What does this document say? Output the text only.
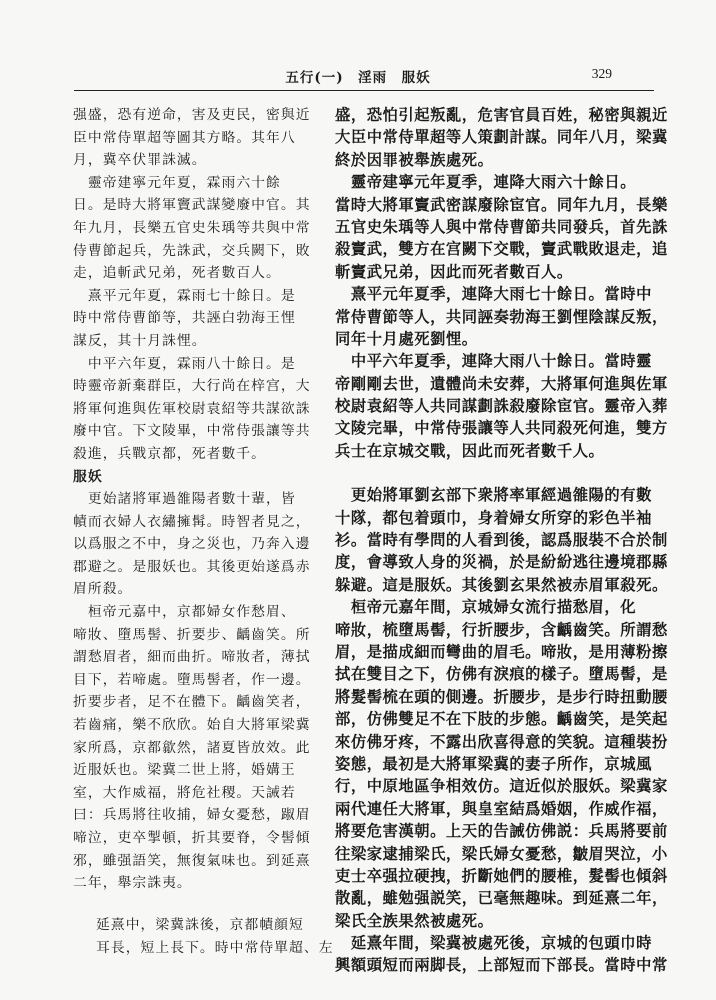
五行(一)　淫雨　服妖	329
强盛，恐有逆命，害及吏民，密與近
臣中常侍單超等圖其方略。其年八
月，冀卒伏罪誅滅。
　靈帝建寧元年夏，霖雨六十餘
日。是時大將軍竇武謀變廢中官。其
年九月，長樂五官史朱瑀等共與中常
侍曹節起兵，先誅武，交兵闕下，敗
走，追斬武兄弟，死者數百人。
　熹平元年夏，霖雨七十餘日。是
時中常侍曹節等，共誣白勃海王悝
謀反，其十月誅悝。
　中平六年夏，霖雨八十餘日。是
時靈帝新棄群臣，大行尚在梓宫，大
將軍何進與佐軍校尉袁紹等共謀欲誅
廢中官。下文陵畢，中常侍張讓等共
殺進，兵戰京都，死者數千。
服妖
　更始諸將軍過雒陽者數十輩，皆
幘而衣婦人衣繡擁髯。時智者見之，
以爲服之不中，身之災也，乃奔入邊
郡避之。是服妖也。其後更始遂爲赤
眉所殺。
　桓帝元嘉中，京都婦女作愁眉、
啼妝、墮馬髻、折要步、齲齒笑。所
謂愁眉者，細而曲折。啼妝者，薄拭
目下，若啼處。墮馬髻者，作一邊。
折要步者，足不在體下。齲齒笑者，
若齒痛，樂不欣欣。始自大將軍梁冀
家所爲，京都歙然，諸夏皆放效。此
近服妖也。梁冀二世上將，婚媾王
室，大作威福，將危社稷。天誡若
曰：兵馬將往收捕，婦女憂愁，踧眉
啼泣，吏卒掣頓，折其要脊，令髻傾
邪，雖强語笑，無復氣味也。到延熹
二年，舉宗誅夷。
延熹中，梁冀誅後，京都幘顔短
耳長，短上長下。時中常侍單超、左
盛，恐怕引起叛亂，危害官員百姓，秘密與親近
大臣中常侍單超等人策劃計謀。同年八月，梁冀
終於因罪被舉族處死。
　靈帝建寧元年夏季，連降大雨六十餘日。
當時大將軍竇武密謀廢除宦官。同年九月，長樂
五官史朱瑀等人與中常侍曹節共同發兵，首先誅
殺竇武，雙方在宫闕下交戰，竇武戰敗退走，追
斬竇武兄弟，因此而死者數百人。
　熹平元年夏季，連降大雨七十餘日。當時中
常侍曹節等人，共同誣奏勃海王劉悝陰謀反叛，
同年十月處死劉悝。
　中平六年夏季，連降大雨八十餘日。當時靈
帝剛剛去世，遺體尚未安葬，大將軍何進與佐軍
校尉袁紹等人共同謀劃誅殺廢除宦官。靈帝入葬
文陵完畢，中常侍張讓等人共同殺死何進，雙方
兵士在京城交戰，因此而死者數千人。
　更始將軍劉玄部下衆將率軍經過雒陽的有數
十隊，都包着頭巾，身着婦女所穿的彩色半袖
衫。當時有學問的人看到後，認爲服裝不合於制
度，會導致人身的災禍，於是紛紛逃往邊境郡縣
躲避。這是服妖。其後劉玄果然被赤眉軍殺死。
　桓帝元嘉年間，京城婦女流行描愁眉，化
啼妝，梳墮馬髻，行折腰步，含齲齒笑。所謂愁
眉，是描成細而彎曲的眉毛。啼妝，是用薄粉擦
拭在雙目之下，仿佛有淚痕的樣子。墮馬髻，是
將髮髻梳在頭的側邊。折腰步，是步行時扭動腰
部，仿佛雙足不在下肢的步態。齲齒笑，是笑起
來仿佛牙疼，不露出欣喜得意的笑貌。這種裝扮
姿態，最初是大將軍梁冀的妻子所作，京城風
行，中原地區争相效仿。這近似於服妖。梁冀家
兩代連任大將軍，與皇室結爲婚姻，作威作福，
將要危害漢朝。上天的告誡仿佛説：兵馬將要前
往梁家逮捕梁氏，梁氏婦女憂愁，皺眉哭泣，小
吏士卒强拉硬拽，折斷她們的腰椎，髮髻也傾斜
散亂，雖勉强説笑，已毫無趣味。到延熹二年，
梁氏全族果然被處死。
　延熹年間，梁冀被處死後，京城的包頭巾時
興額頭短而兩脚長，上部短而下部長。當時中常
